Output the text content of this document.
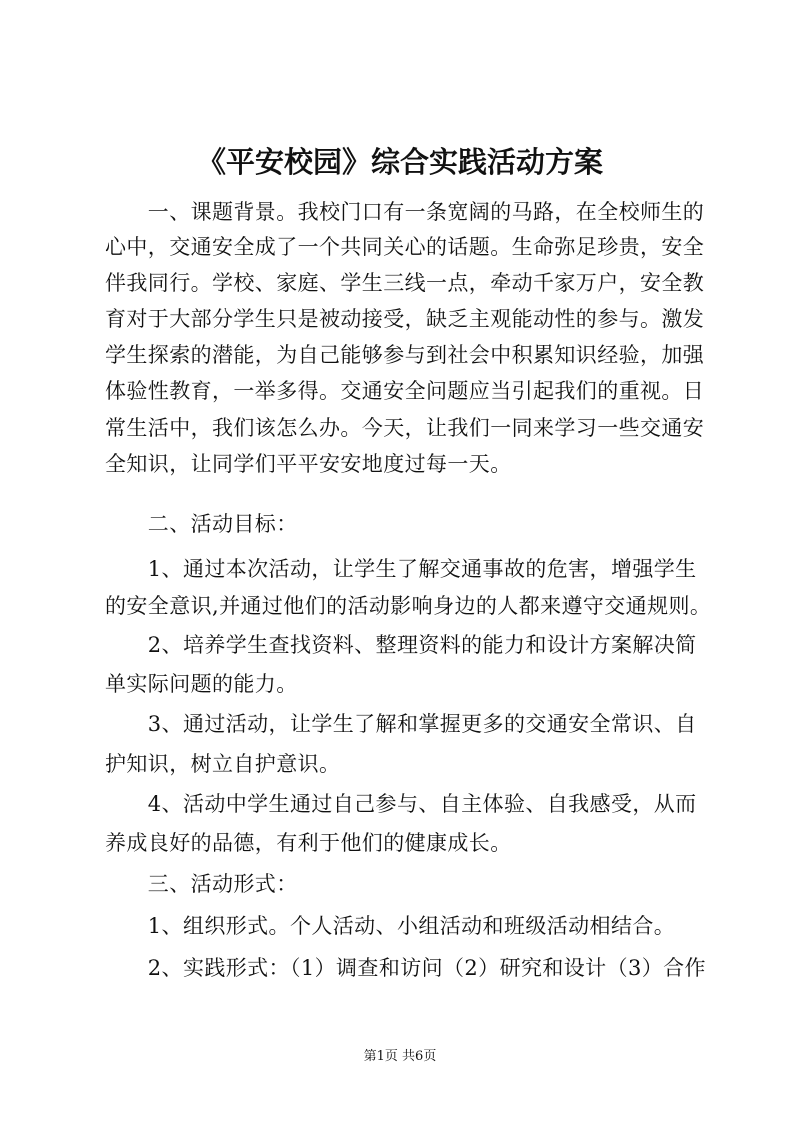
《平安校园》综合实践活动方案
　　一、课题背景。我校门口有一条宽阔的马路，在全校师生的
心中，交通安全成了一个共同关心的话题。生命弥足珍贵，安全
伴我同行。学校、家庭、学生三线一点，牵动千家万户，安全教
育对于大部分学生只是被动接受，缺乏主观能动性的参与。激发
学生探索的潜能，为自己能够参与到社会中积累知识经验，加强
体验性教育，一举多得。交通安全问题应当引起我们的重视。日
常生活中，我们该怎么办。今天，让我们一同来学习一些交通安
全知识，让同学们平平安安地度过每一天。
　　二、活动目标：
　　1、通过本次活动，让学生了解交通事故的危害，增强学生
的安全意识,并通过他们的活动影响身边的人都来遵守交通规则。
　　2、培养学生查找资料、整理资料的能力和设计方案解决简
单实际问题的能力。
　　3、通过活动，让学生了解和掌握更多的交通安全常识、自
护知识，树立自护意识。
　　4、活动中学生通过自己参与、自主体验、自我感受，从而
养成良好的品德，有利于他们的健康成长。
　　三、活动形式：
　　1、组织形式。个人活动、小组活动和班级活动相结合。
　　2、实践形式：（1）调查和访问（2）研究和设计（3）合作
第1页 共6页
